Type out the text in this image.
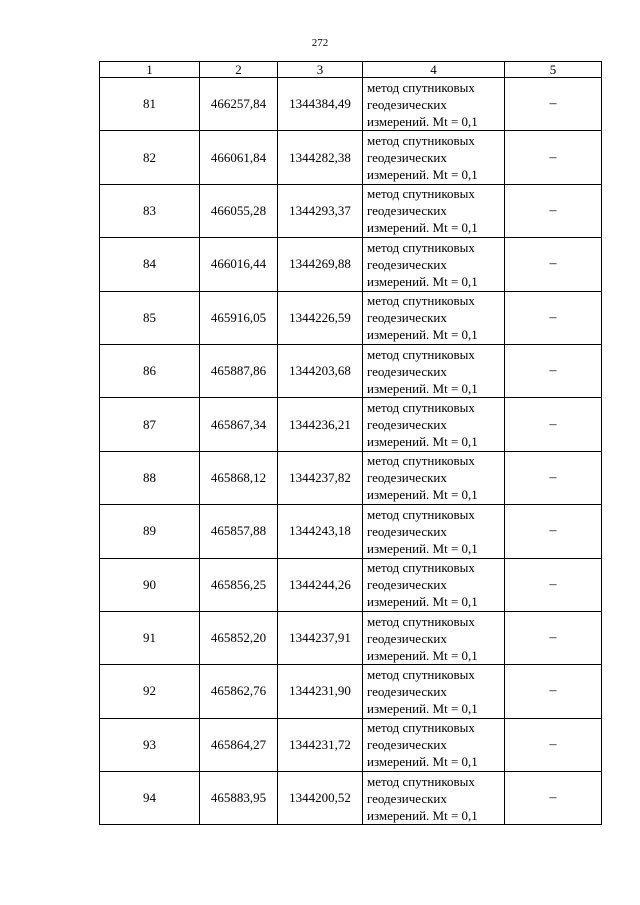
272
1	2	3	4	5
81	466257,84	1344384,49	метод спутниковых
геодезических
измерений. Mt = 0,1	–
82	466061,84	1344282,38	метод спутниковых
геодезических
измерений. Mt = 0,1	–
83	466055,28	1344293,37	метод спутниковых
геодезических
измерений. Mt = 0,1	–
84	466016,44	1344269,88	метод спутниковых
геодезических
измерений. Mt = 0,1	–
85	465916,05	1344226,59	метод спутниковых
геодезических
измерений. Mt = 0,1	–
86	465887,86	1344203,68	метод спутниковых
геодезических
измерений. Mt = 0,1	–
87	465867,34	1344236,21	метод спутниковых
геодезических
измерений. Mt = 0,1	–
88	465868,12	1344237,82	метод спутниковых
геодезических
измерений. Mt = 0,1	–
89	465857,88	1344243,18	метод спутниковых
геодезических
измерений. Mt = 0,1	–
90	465856,25	1344244,26	метод спутниковых
геодезических
измерений. Mt = 0,1	–
91	465852,20	1344237,91	метод спутниковых
геодезических
измерений. Mt = 0,1	–
92	465862,76	1344231,90	метод спутниковых
геодезических
измерений. Mt = 0,1	–
93	465864,27	1344231,72	метод спутниковых
геодезических
измерений. Mt = 0,1	–
94	465883,95	1344200,52	метод спутниковых
геодезических
измерений. Mt = 0,1	–
